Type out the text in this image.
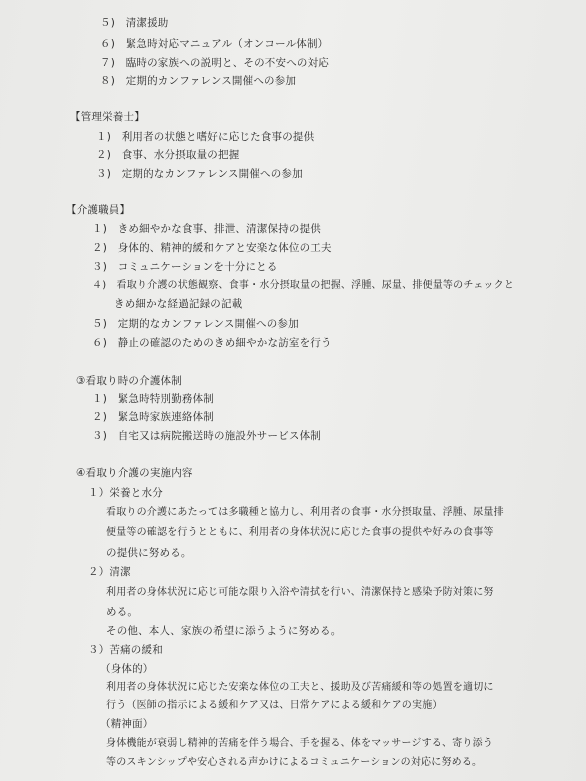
５)　 清潔援助
６)　 緊急時対応マニュアル（オンコール体制）
７)　 臨時の家族への説明と、その不安への対応
８)　 定期的カンファレンス開催への参加
【管理栄養士】
１)　 利用者の状態と嗜好に応じた食事の提供
２)　 食事、水分摂取量の把握
３)　 定期的なカンファレンス開催への参加
【介護職員】
１)　 きめ細やかな食事、排泄、清潔保持の提供
２)　 身体的、精神的緩和ケアと安楽な体位の工夫
３)　 コミュニケーションを十分にとる
４)　 看取り介護の状態観察、食事・水分摂取量の把握、浮腫、尿量、排便量等のチェックと
きめ細かな経過記録の記載
５)　 定期的なカンファレンス開催への参加
６)　 静止の確認のためのきめ細やかな訪室を行う
③看取り時の介護体制
１)　 緊急時特別勤務体制
２)　 緊急時家族連絡体制
３)　 自宅又は病院搬送時の施設外サービス体制
④看取り介護の実施内容
１）栄養と水分
看取りの介護にあたっては多職種と協力し、利用者の食事・水分摂取量、浮腫、尿量排
便量等の確認を行うとともに、利用者の身体状況に応じた食事の提供や好みの食事等
の提供に努める。
２）清潔
利用者の身体状況に応じ可能な限り入浴や清拭を行い、清潔保持と感染予防対策に努
める。
その他、本人、家族の希望に添うように努める。
３）苦痛の緩和
（身体的）
利用者の身体状況に応じた安楽な体位の工夫と、援助及び苦痛緩和等の処置を適切に
行う（医師の指示による緩和ケア又は、日常ケアによる緩和ケアの実施）
（精神面）
身体機能が衰弱し精神的苦痛を伴う場合、手を握る、体をマッサージする、寄り添う
等のスキンシップや安心される声かけによるコミュニケーションの対応に努める。
